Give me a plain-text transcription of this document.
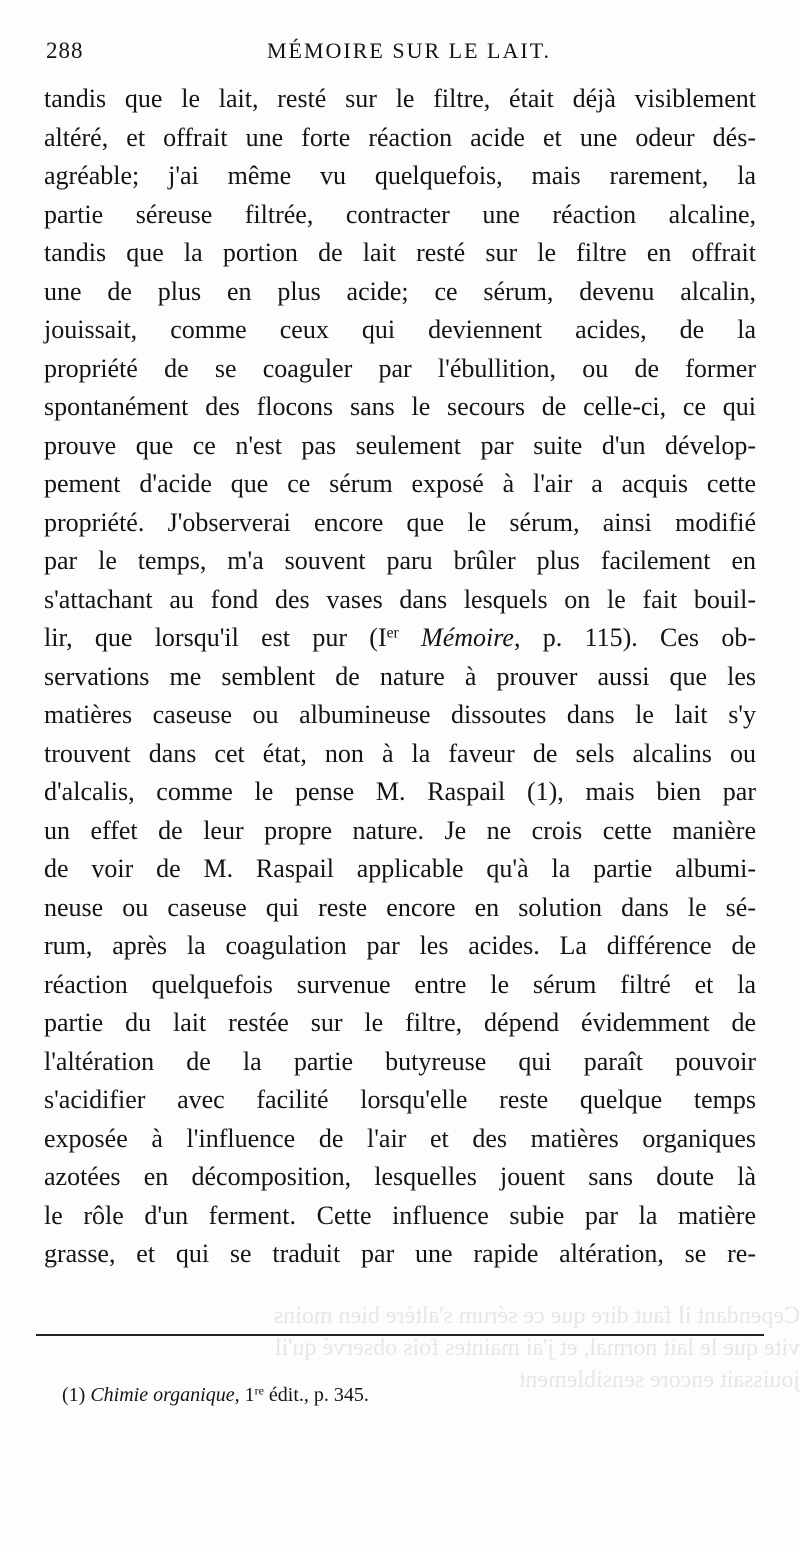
Cependant il faut dire que ce sérum s'altère bien moins
vite que le lait normal, et j'ai maintes fois observé qu'il
jouissait encore sensiblement
288	MÉMOIRE SUR LE LAIT.
tandis que le lait, resté sur le filtre, était déjà visiblement
altéré, et offrait une forte réaction acide et une odeur dés-
agréable; j'ai même vu quelquefois, mais rarement, la
partie séreuse filtrée, contracter une réaction alcaline,
tandis que la portion de lait resté sur le filtre en offrait
une de plus en plus acide; ce sérum, devenu alcalin,
jouissait, comme ceux qui deviennent acides, de la
propriété de se coaguler par l'ébullition, ou de former
spontanément des flocons sans le secours de celle-ci, ce qui
prouve que ce n'est pas seulement par suite d'un dévelop-
pement d'acide que ce sérum exposé à l'air a acquis cette
propriété. J'observerai encore que le sérum, ainsi modifié
par le temps, m'a souvent paru brûler plus facilement en
s'attachant au fond des vases dans lesquels on le fait bouil-
lir, que lorsqu'il est pur (Ier Mémoire, p. 115). Ces ob-
servations me semblent de nature à prouver aussi que les
matières caseuse ou albumineuse dissoutes dans le lait s'y
trouvent dans cet état, non à la faveur de sels alcalins ou
d'alcalis, comme le pense M. Raspail (1), mais bien par
un effet de leur propre nature. Je ne crois cette manière
de voir de M. Raspail applicable qu'à la partie albumi-
neuse ou caseuse qui reste encore en solution dans le sé-
rum, après la coagulation par les acides. La différence de
réaction quelquefois survenue entre le sérum filtré et la
partie du lait restée sur le filtre, dépend évidemment de
l'altération de la partie butyreuse qui paraît pouvoir
s'acidifier avec facilité lorsqu'elle reste quelque temps
exposée à l'influence de l'air et des matières organiques
azotées en décomposition, lesquelles jouent sans doute là
le rôle d'un ferment. Cette influence subie par la matière
grasse, et qui se traduit par une rapide altération, se re-
(1) Chimie organique, 1re édit., p. 345.
